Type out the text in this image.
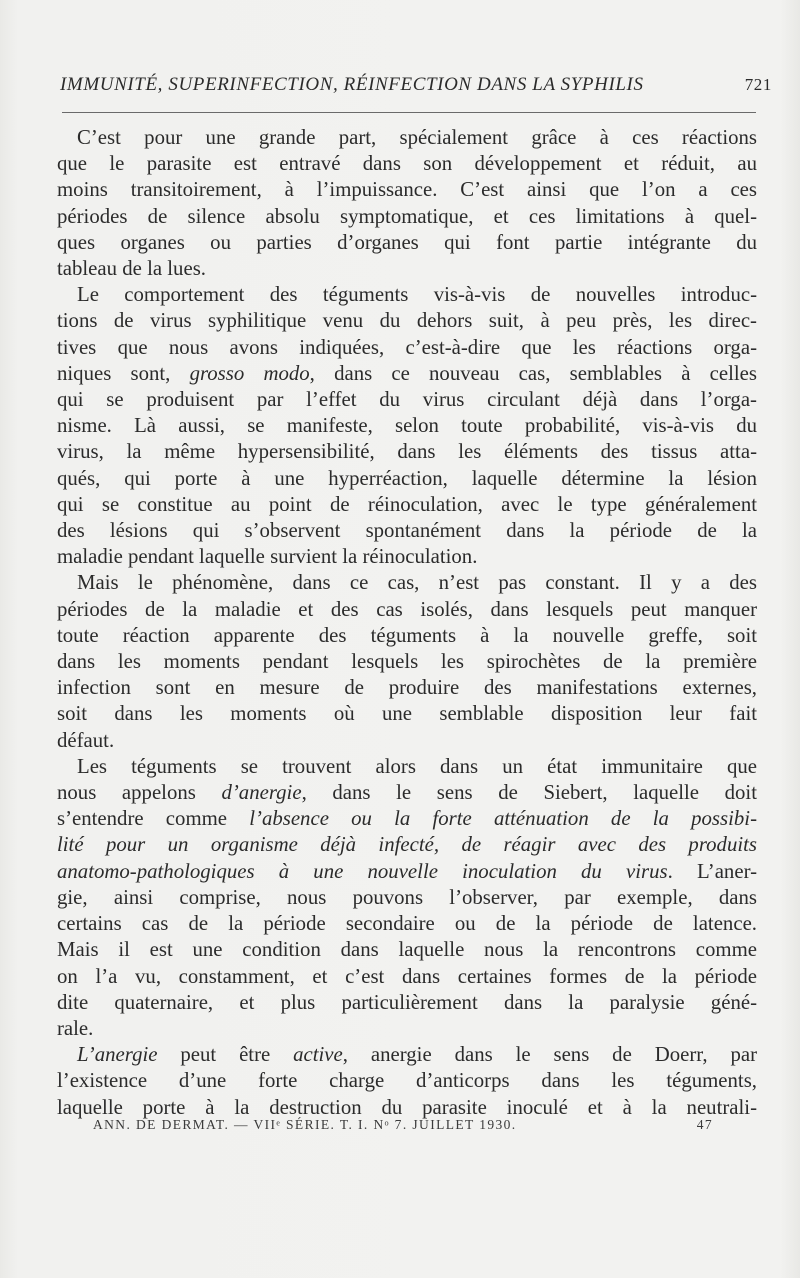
IMMUNITÉ, SUPERINFECTION, RÉINFECTION DANS LA SYPHILIS	721
C’est pour une grande part, spécialement grâce à ces réactions
que le parasite est entravé dans son développement et réduit, au
moins transitoirement, à l’impuissance. C’est ainsi que l’on a ces
périodes de silence absolu symptomatique, et ces limitations à quel-
ques organes ou parties d’organes qui font partie intégrante du
tableau de la lues.
Le comportement des téguments vis-à-vis de nouvelles introduc-
tions de virus syphilitique venu du dehors suit, à peu près, les direc-
tives que nous avons indiquées, c’est-à-dire que les réactions orga-
niques sont, grosso modo, dans ce nouveau cas, semblables à celles
qui se produisent par l’effet du virus circulant déjà dans l’orga-
nisme. Là aussi, se manifeste, selon toute probabilité, vis-à-vis du
virus, la même hypersensibilité, dans les éléments des tissus atta-
qués, qui porte à une hyperréaction, laquelle détermine la lésion
qui se constitue au point de réinoculation, avec le type généralement
des lésions qui s’observent spontanément dans la période de la
maladie pendant laquelle survient la réinoculation.
Mais le phénomène, dans ce cas, n’est pas constant. Il y a des
périodes de la maladie et des cas isolés, dans lesquels peut manquer
toute réaction apparente des téguments à la nouvelle greffe, soit
dans les moments pendant lesquels les spirochètes de la première
infection sont en mesure de produire des manifestations externes,
soit dans les moments où une semblable disposition leur fait
défaut.
Les téguments se trouvent alors dans un état immunitaire que
nous appelons d’anergie, dans le sens de Siebert, laquelle doit
s’entendre comme l’absence ou la forte atténuation de la possibi-
lité pour un organisme déjà infecté, de réagir avec des produits
anatomo-pathologiques à une nouvelle inoculation du virus. L’aner-
gie, ainsi comprise, nous pouvons l’observer, par exemple, dans
certains cas de la période secondaire ou de la période de latence.
Mais il est une condition dans laquelle nous la rencontrons comme
on l’a vu, constamment, et c’est dans certaines formes de la période
dite quaternaire, et plus particulièrement dans la paralysie géné-
rale.
L’anergie peut être active, anergie dans le sens de Doerr, par
l’existence d’une forte charge d’anticorps dans les téguments,
laquelle porte à la destruction du parasite inoculé et à la neutrali-
ANN. DE DERMAT. — VIIᵉ SÉRIE. T. I. Nᵒ 7. JUILLET 1930.	47
